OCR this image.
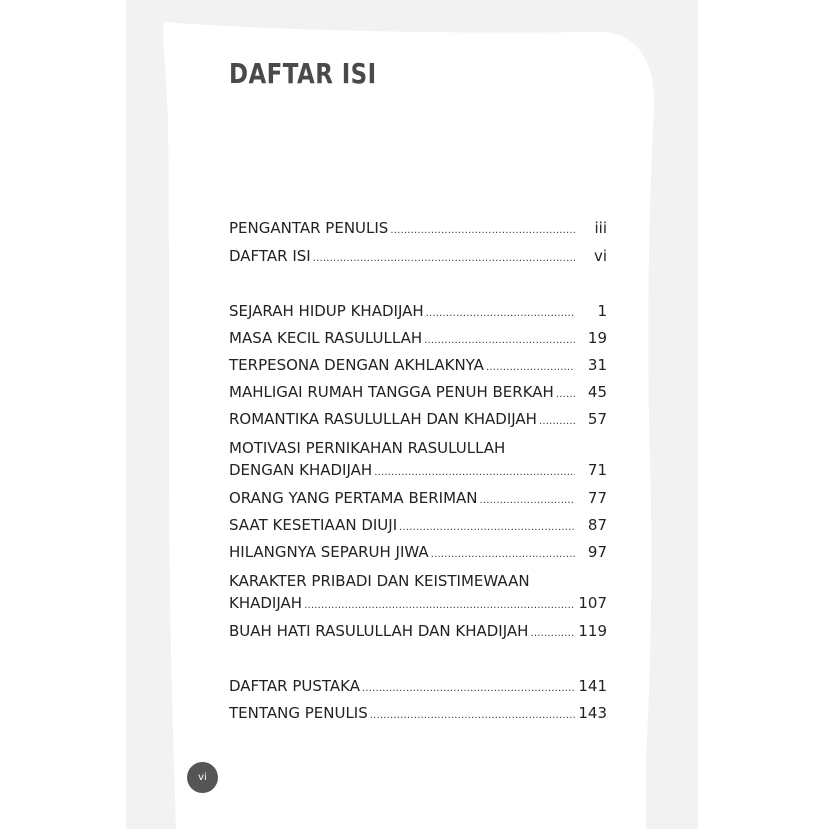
DAFTAR ISI
PENGANTAR PENULIS .....	iii
DAFTAR ISI .....	vi
SEJARAH HIDUP KHADIJAH .....	1
MASA KECIL RASULULLAH .....	19
TERPESONA DENGAN AKHLAKNYA .....	31
MAHLIGAI RUMAH TANGGA PENUH BERKAH .....	45
ROMANTIKA RASULULLAH DAN KHADIJAH .....	57
MOTIVASI PERNIKAHAN RASULULLAH
DENGAN KHADIJAH .....	71
ORANG YANG PERTAMA BERIMAN .....	77
SAAT KESETIAAN DIUJI .....	87
HILANGNYA SEPARUH JIWA .....	97
KARAKTER PRIBADI DAN KEISTIMEWAAN
KHADIJAH .....	107
BUAH HATI RASULULLAH DAN KHADIJAH .....	119
DAFTAR PUSTAKA .....	141
TENTANG PENULIS .....	143
vi
